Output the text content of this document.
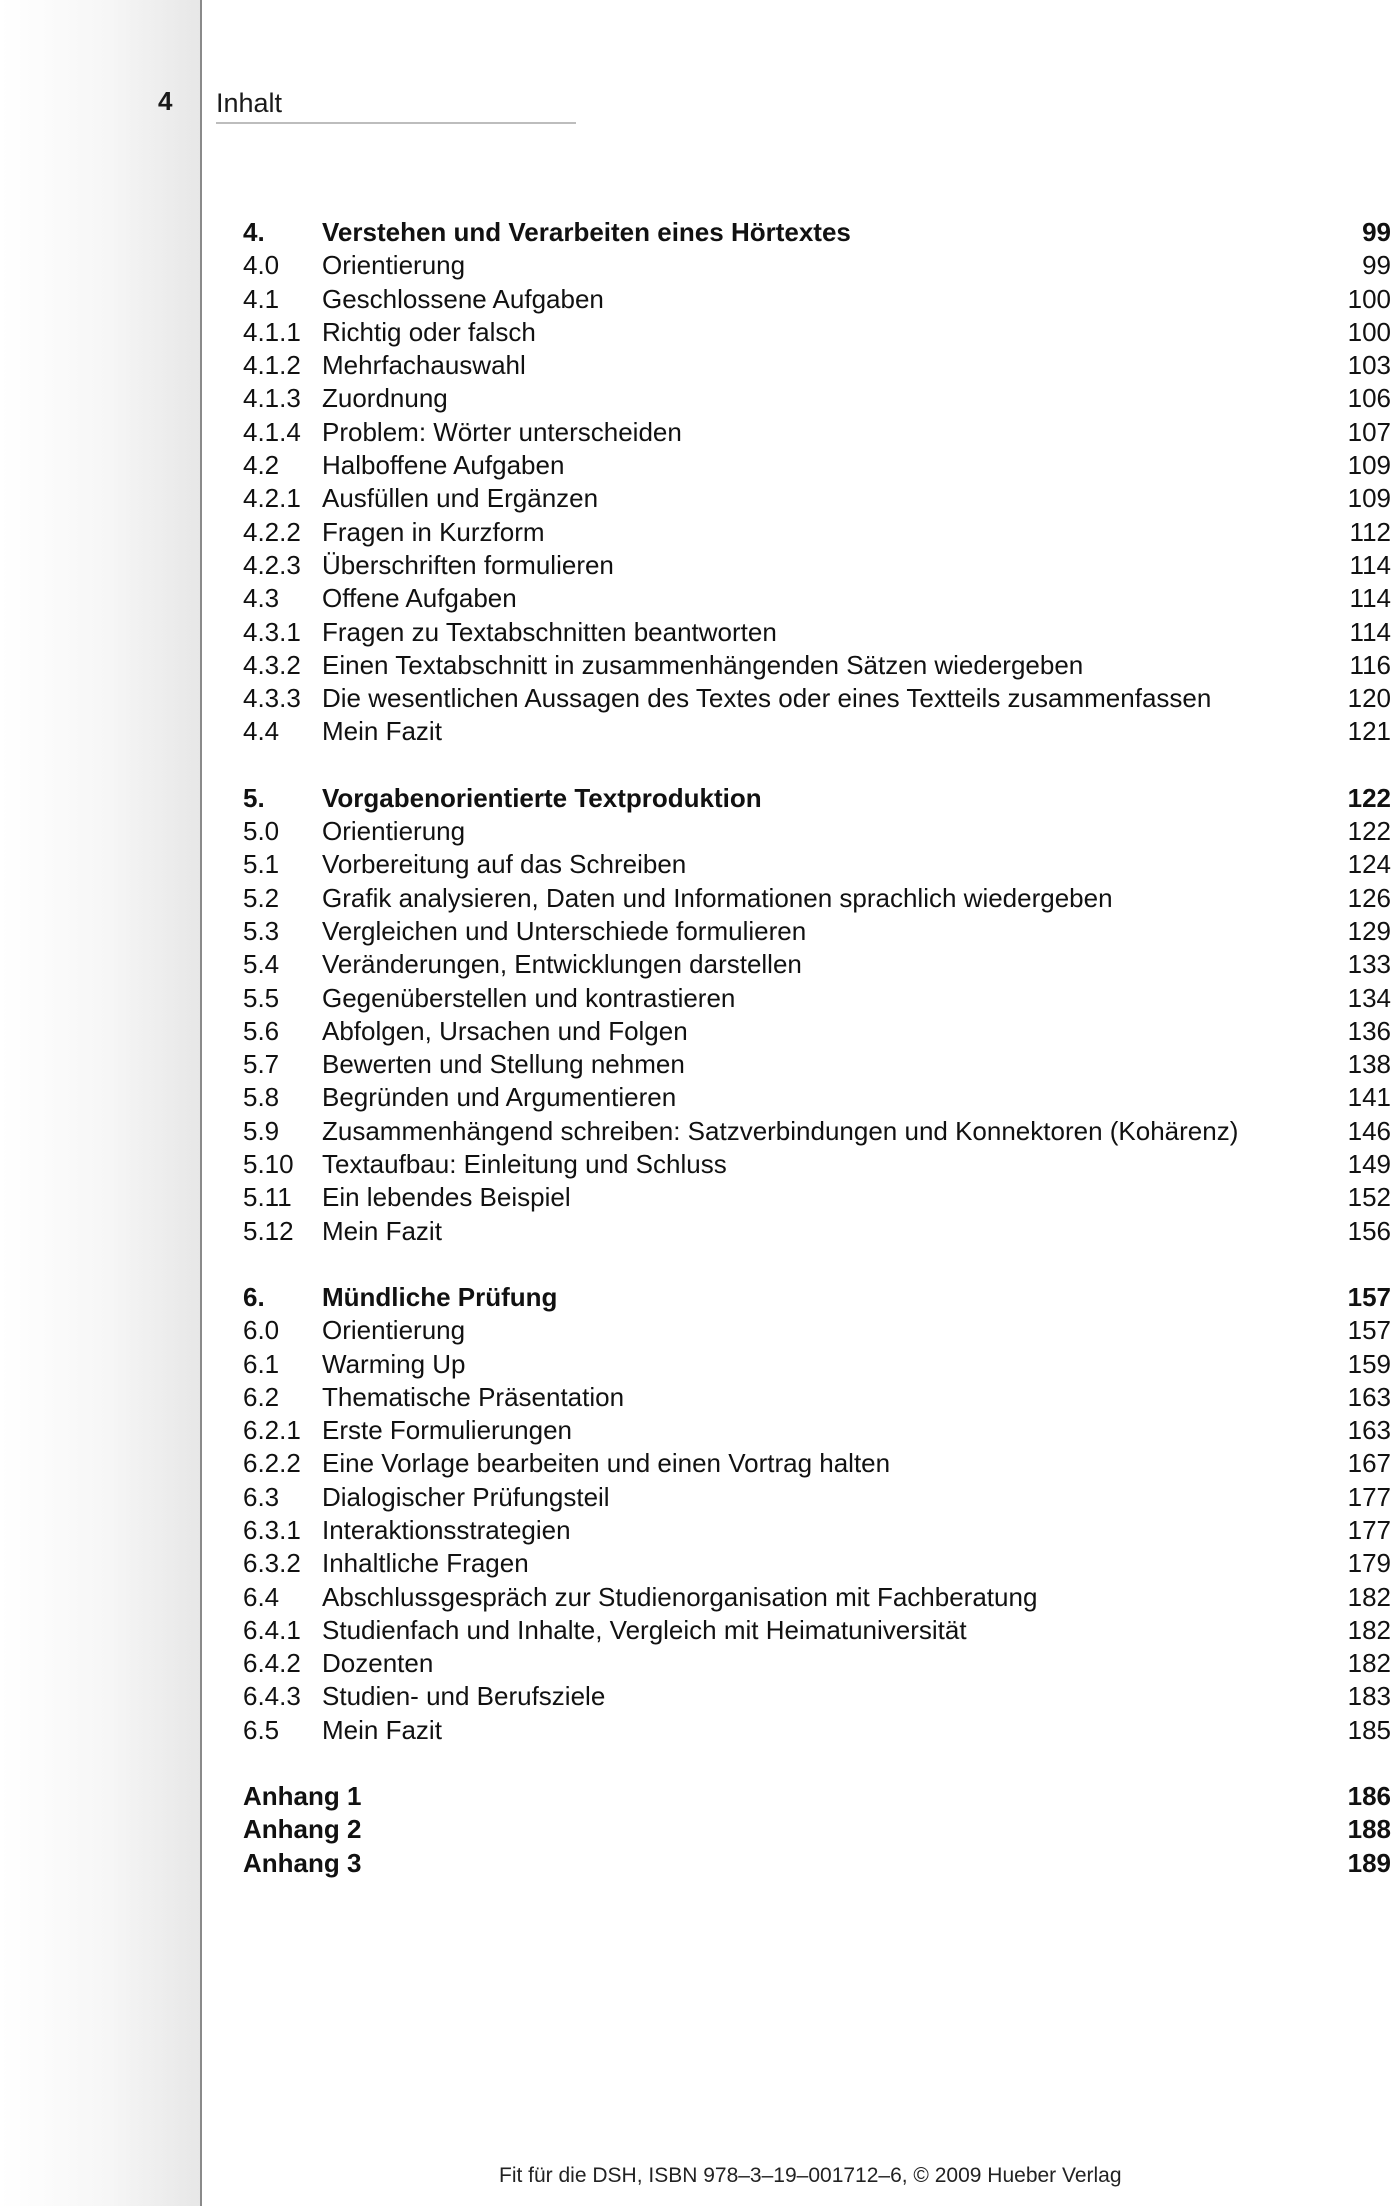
4 Inhalt
4.	Verstehen und Verarbeiten eines Hörtextes	99
4.0	Orientierung	99
4.1	Geschlossene Aufgaben	100
4.1.1 Richtig oder falsch	100
4.1.2 Mehrfachauswahl	103
4.1.3 Zuordnung	106
4.1.4 Problem: Wörter unterscheiden	107
4.2	Halboffene Aufgaben	109
4.2.1 Ausfüllen und Ergänzen	109
4.2.2 Fragen in Kurzform	112
4.2.3 Überschriften formulieren	114
4.3	Offene Aufgaben	114
4.3.1 Fragen zu Textabschnitten beantworten	114
4.3.2 Einen Textabschnitt in zusammenhängenden Sätzen wiedergeben	116
4.3.3 Die wesentlichen Aussagen des Textes oder eines Textteils zusammenfassen	120
4.4	Mein Fazit	121
5.	Vorgabenorientierte Textproduktion	122
5.0	Orientierung	122
5.1	Vorbereitung auf das Schreiben	124
5.2	Grafik analysieren, Daten und Informationen sprachlich wiedergeben	126
5.3	Vergleichen und Unterschiede formulieren	129
5.4	Veränderungen, Entwicklungen darstellen	133
5.5	Gegenüberstellen und kontrastieren	134
5.6	Abfolgen, Ursachen und Folgen	136
5.7	Bewerten und Stellung nehmen	138
5.8	Begründen und Argumentieren	141
5.9	Zusammenhängend schreiben: Satzverbindungen und Konnektoren (Kohärenz)	146
5.10	Textaufbau: Einleitung und Schluss	149
5.11	Ein lebendes Beispiel	152
5.12	Mein Fazit	156
6.	Mündliche Prüfung	157
6.0	Orientierung	157
6.1	Warming Up	159
6.2	Thematische Präsentation	163
6.2.1 Erste Formulierungen	163
6.2.2 Eine Vorlage bearbeiten und einen Vortrag halten	167
6.3	Dialogischer Prüfungsteil	177
6.3.1 Interaktionsstrategien	177
6.3.2 Inhaltliche Fragen	179
6.4	Abschlussgespräch zur Studienorganisation mit Fachberatung	182
6.4.1 Studienfach und Inhalte, Vergleich mit Heimatuniversität	182
6.4.2 Dozenten	182
6.4.3 Studien- und Berufsziele	183
6.5	Mein Fazit	185
Anhang 1	186
Anhang 2	188
Anhang 3	189
Fit für die DSH, ISBN 978–3–19–001712–6, © 2009 Hueber Verlag
